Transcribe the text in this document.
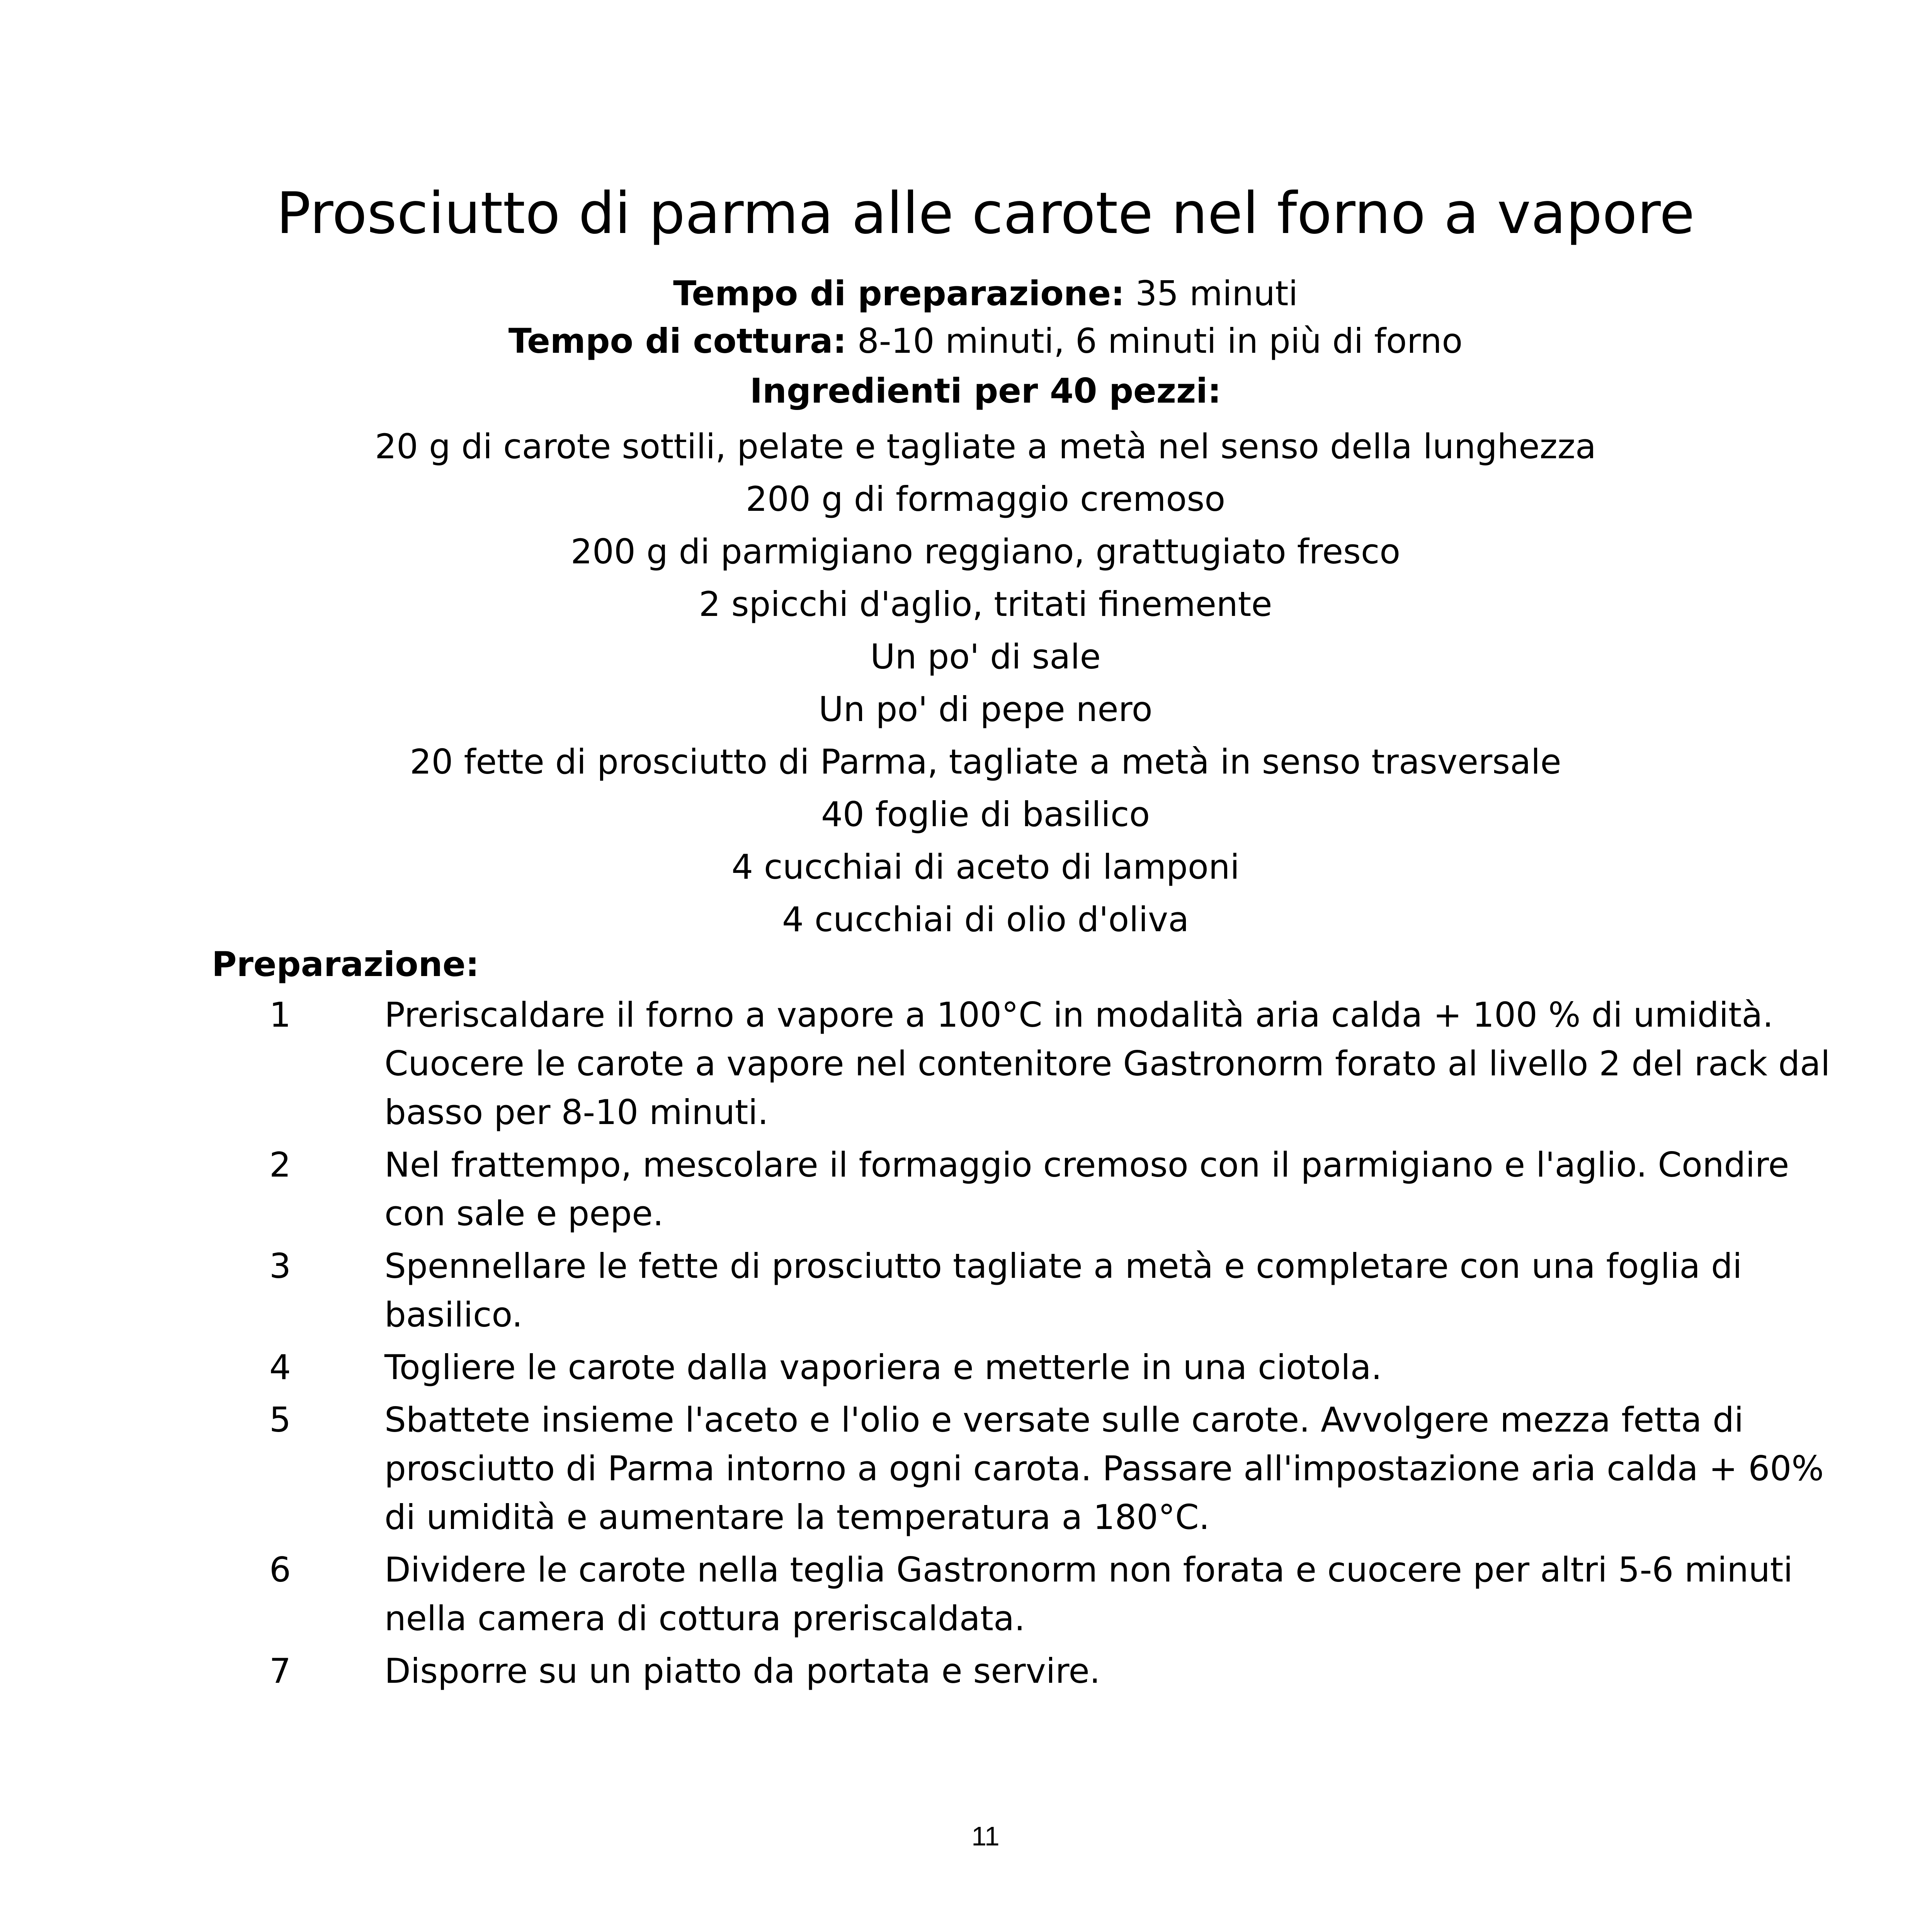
Prosciutto di parma alle carote nel forno a vapore
Tempo di preparazione: 35 minuti
Tempo di cottura: 8-10 minuti, 6 minuti in più di forno
Ingredienti per 40 pezzi:
20 g di carote sottili, pelate e tagliate a metà nel senso della lunghezza
200 g di formaggio cremoso
200 g di parmigiano reggiano, grattugiato fresco
2 spicchi d'aglio, tritati finemente
Un po' di sale
Un po' di pepe nero
20 fette di prosciutto di Parma, tagliate a metà in senso trasversale
40 foglie di basilico
4 cucchiai di aceto di lamponi
4 cucchiai di olio d'oliva
Preparazione:
1	Preriscaldare il forno a vapore a 100°C in modalità aria calda + 100 % di umidità. Cuocere le carote a vapore nel contenitore Gastronorm forato al livello 2 del rack dal basso per 8-10 minuti.
2	Nel frattempo, mescolare il formaggio cremoso con il parmigiano e l'aglio. Condire con sale e pepe.
3	Spennellare le fette di prosciutto tagliate a metà e completare con una foglia di basilico.
4	Togliere le carote dalla vaporiera e metterle in una ciotola.
5	Sbattete insieme l'aceto e l'olio e versate sulle carote. Avvolgere mezza fetta di prosciutto di Parma intorno a ogni carota. Passare all'impostazione aria calda + 60% di umidità e aumentare la temperatura a 180°C.
6	Dividere le carote nella teglia Gastronorm non forata e cuocere per altri 5-6 minuti nella camera di cottura preriscaldata.
7	Disporre su un piatto da portata e servire.
11
